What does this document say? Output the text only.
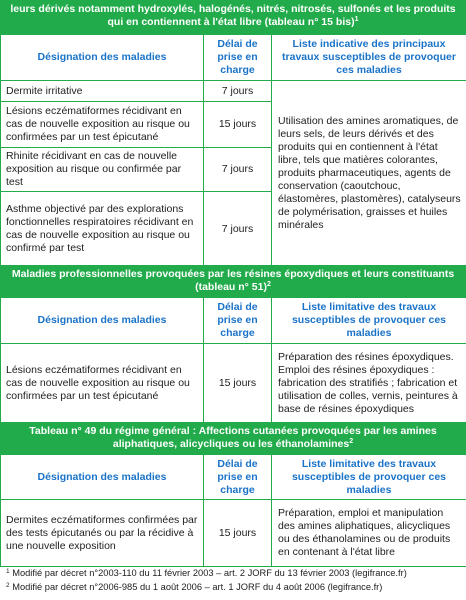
leurs dérivés notamment hydroxylés, halogénés, nitrés, nitrosés, sulfonés et les produits
qui en contiennent à l'état libre (tableau n° 15 bis)$^1$
Désignation des maladies	Délai de prise en charge	Liste indicative des principaux travaux susceptibles de provoquer ces maladies
Dermite irritative	7 jours	Utilisation des amines aromatiques, de leurs sels, de leurs dérivés et des produits qui en contiennent à l'état libre, tels que matières colorantes, produits pharmaceutiques, agents de conservation (caoutchouc, élastomères, plastomères), catalyseurs de polymérisation, graisses et huiles minérales
Lésions eczématiformes récidivant en cas de nouvelle exposition au risque ou confirmées par un test épicutané	15 jours	
Rhinite récidivant en cas de nouvelle exposition au risque ou confirmée par test	7 jours	
Asthme objectivé par des explorations fonctionnelles respiratoires récidivant en cas de nouvelle exposition au risque ou confirmé par test	7 jours	
Maladies professionnelles provoquées par les résines époxydiques et leurs constituants
(tableau n° 51)$^2$
Désignation des maladies	Délai de prise en charge	Liste limitative des travaux susceptibles de provoquer ces maladies
Lésions eczématiformes récidivant en cas de nouvelle exposition au risque ou confirmées par un test épicutané	15 jours	Préparation des résines époxydiques. Emploi des résines époxydiques : fabrication des stratifiés ; fabrication et utilisation de colles, vernis, peintures à base de résines époxydiques
Tableau n° 49 du régime général : Affections cutanées provoquées par les amines
aliphatiques, alicycliques ou les éthanolamines$^2$
Désignation des maladies	Délai de prise en charge	Liste limitative des travaux susceptibles de provoquer ces maladies
Dermites eczématiformes confirmées par des tests épicutanés ou par la récidive à une nouvelle exposition	15 jours	Préparation, emploi et manipulation des amines aliphatiques, alicycliques ou des éthanolamines ou de produits en contenant à l'état libre
$^1$ Modifié par décret n°2003-110 du 11 février 2003 – art. 2 JORF du 13 février 2003 (legifrance.fr)
$^2$ Modifié par décret n°2006-985 du 1 août 2006 – art. 1 JORF du 4 août 2006 (legifrance.fr)
